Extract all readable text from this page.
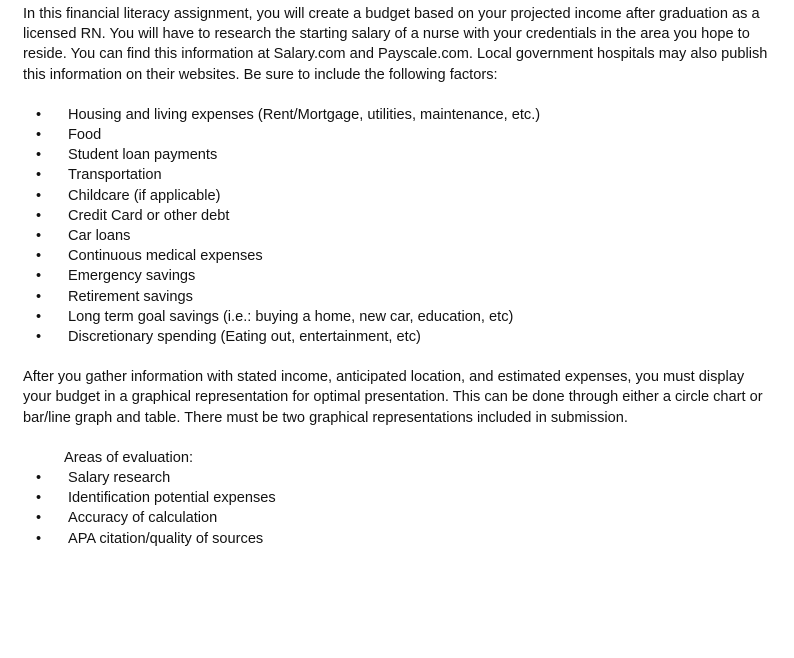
In this financial literacy assignment, you will create a budget based on your projected income after graduation as a licensed RN. You will have to research the starting salary of a nurse with your credentials in the area you hope to reside. You can find this information at Salary.com and Payscale.com. Local government hospitals may also publish this information on their websites. Be sure to include the following factors:

• Housing and living expenses (Rent/Mortgage, utilities, maintenance, etc.)
• Food
• Student loan payments
• Transportation
• Childcare (if applicable)
• Credit Card or other debt
• Car loans
• Continuous medical expenses
• Emergency savings
• Retirement savings
• Long term goal savings (i.e.: buying a home, new car, education, etc)
• Discretionary spending (Eating out, entertainment, etc)

After you gather information with stated income, anticipated location, and estimated expenses, you must display your budget in a graphical representation for optimal presentation. This can be done through either a circle chart or bar/line graph and table. There must be two graphical representations included in submission.

Areas of evaluation:

• Salary research
• Identification potential expenses
• Accuracy of calculation
• APA citation/quality of sources
